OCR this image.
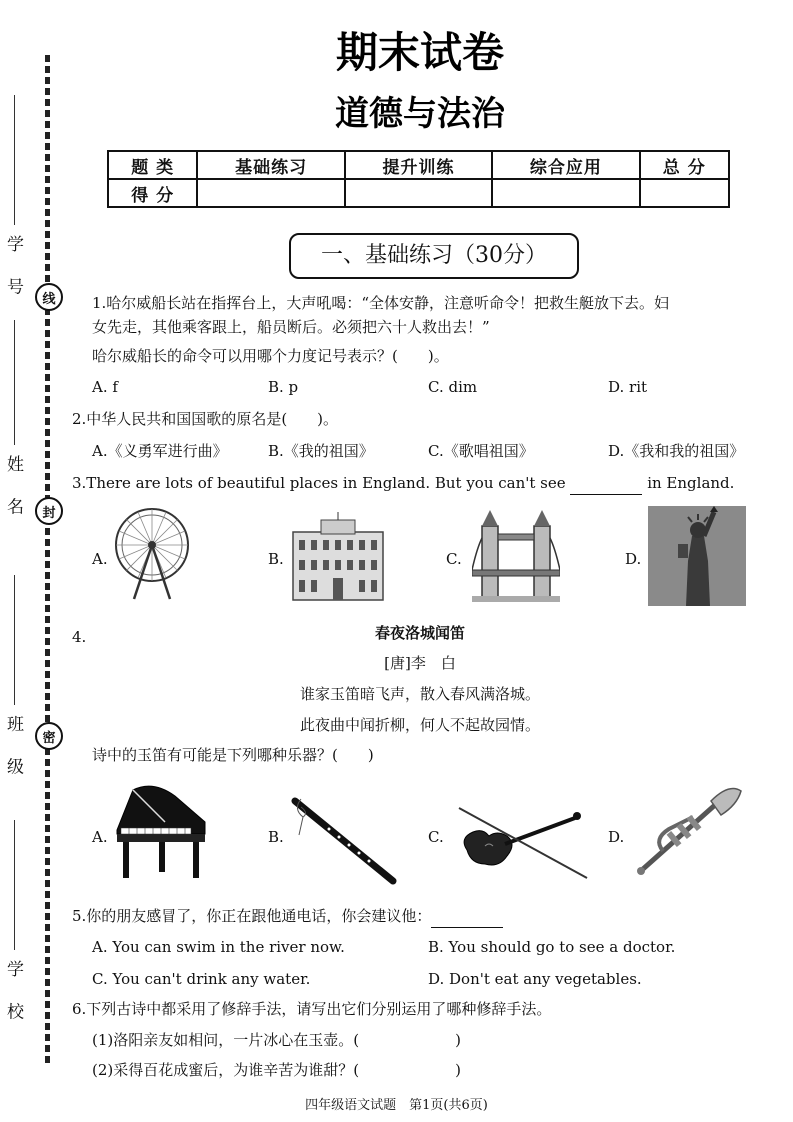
学 号
姓 名
班 级
学 校
线
封
密
期末试卷
道德与法治
题 类	基础练习	提升训练	综合应用	总 分
得 分				
一、基础练习（30分）
1.哈尔威船长站在指挥台上，大声吼喝：“全体安静，注意听命令！把救生艇放下去。妇
女先走，其他乘客跟上，船员断后。必须把六十人救出去！”
哈尔威船长的命令可以用哪个力度记号表示？(　　)。
A. f	B. p	C. dim	D. rit
2.中华人民共和国国歌的原名是(　　)。
A.《义勇军进行曲》	B.《我的祖国》	C.《歌唱祖国》	D.《我和我的祖国》
3.There are lots of beautiful places in England. But you can't see	in England.
A.	B.	C.	D.
4.	春夜洛城闻笛
[唐]李　白
谁家玉笛暗飞声，散入春风满洛城。
此夜曲中闻折柳，何人不起故园情。
诗中的玉笛有可能是下列哪种乐器？(　　)
A.	B.	C.	D.
5.你的朋友感冒了，你正在跟他通电话，你会建议他：
A. You can swim in the river now.	B. You should go to see a doctor.
C. You can't drink any water.	D. Don't eat any vegetables.
6.下列古诗中都采用了修辞手法，请写出它们分别运用了哪种修辞手法。
(1)洛阳亲友如相问，一片冰心在玉壶。(	)
(2)采得百花成蜜后，为谁辛苦为谁甜？(	)
四年级语文试题　第1页(共6页)
